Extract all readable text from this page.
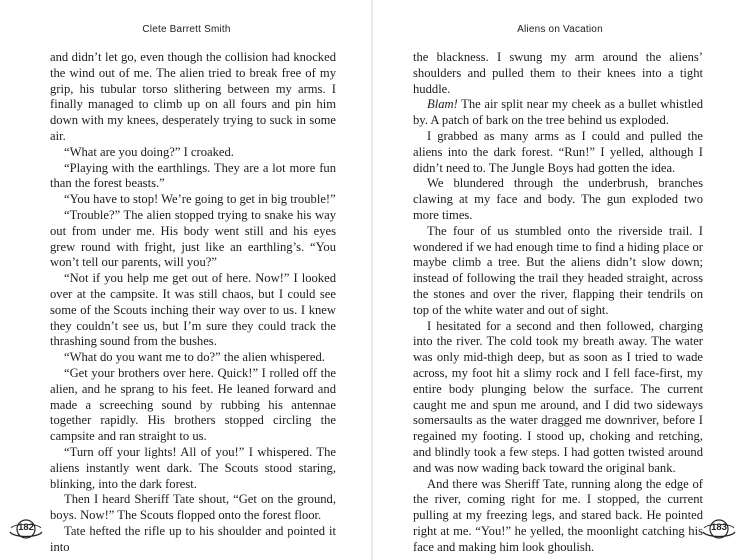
Clete Barrett Smith

and didn’t let go, even though the collision had knocked the wind out of me. The alien tried to break free of my grip, his tubular torso slithering between my arms. I finally managed to climb up on all fours and pin him down with my knees, desperately trying to suck in some air.

“What are you doing?” I croaked.

“Playing with the earthlings. They are a lot more fun than the forest beasts.”

“You have to stop! We’re going to get in big trouble!”

“Trouble?” The alien stopped trying to snake his way out from under me. His body went still and his eyes grew round with fright, just like an earthling’s. “You won’t tell our parents, will you?”

“Not if you help me get out of here. Now!” I looked over at the campsite. It was still chaos, but I could see some of the Scouts inching their way over to us. I knew they couldn’t see us, but I’m sure they could track the thrashing sound from the bushes.

“What do you want me to do?” the alien whispered.

“Get your brothers over here. Quick!” I rolled off the alien, and he sprang to his feet. He leaned forward and made a screeching sound by rubbing his antennae together rapidly. His brothers stopped circling the campsite and ran straight to us.

“Turn off your lights! All of you!” I whispered. The aliens instantly went dark. The Scouts stood staring, blinking, into the dark forest.

Then I heard Sheriff Tate shout, “Get on the ground, boys. Now!” The Scouts flopped onto the forest floor.

Tate hefted the rifle up to his shoulder and pointed it into

182
Aliens on Vacation

the blackness. I swung my arm around the aliens’ shoulders and pulled them to their knees into a tight huddle.

Blam! The air split near my cheek as a bullet whistled by. A patch of bark on the tree behind us exploded.

I grabbed as many arms as I could and pulled the aliens into the dark forest. “Run!” I yelled, although I didn’t need to. The Jungle Boys had gotten the idea.

We blundered through the underbrush, branches clawing at my face and body. The gun exploded two more times.

The four of us stumbled onto the riverside trail. I wondered if we had enough time to find a hiding place or maybe climb a tree. But the aliens didn’t slow down; instead of following the trail they headed straight, across the stones and over the river, flapping their tendrils on top of the white water and out of sight.

I hesitated for a second and then followed, charging into the river. The cold took my breath away. The water was only mid-thigh deep, but as soon as I tried to wade across, my foot hit a slimy rock and I fell face-first, my entire body plunging below the surface. The current caught me and spun me around, and I did two sideways somersaults as the water dragged me downriver, before I regained my footing. I stood up, choking and retching, and blindly took a few steps. I had gotten twisted around and was now wading back toward the original bank.

And there was Sheriff Tate, running along the edge of the river, coming right for me. I stopped, the current pulling at my freezing legs, and stared back. He pointed right at me. “You!” he yelled, the moonlight catching his face and making him look ghoulish.

183
